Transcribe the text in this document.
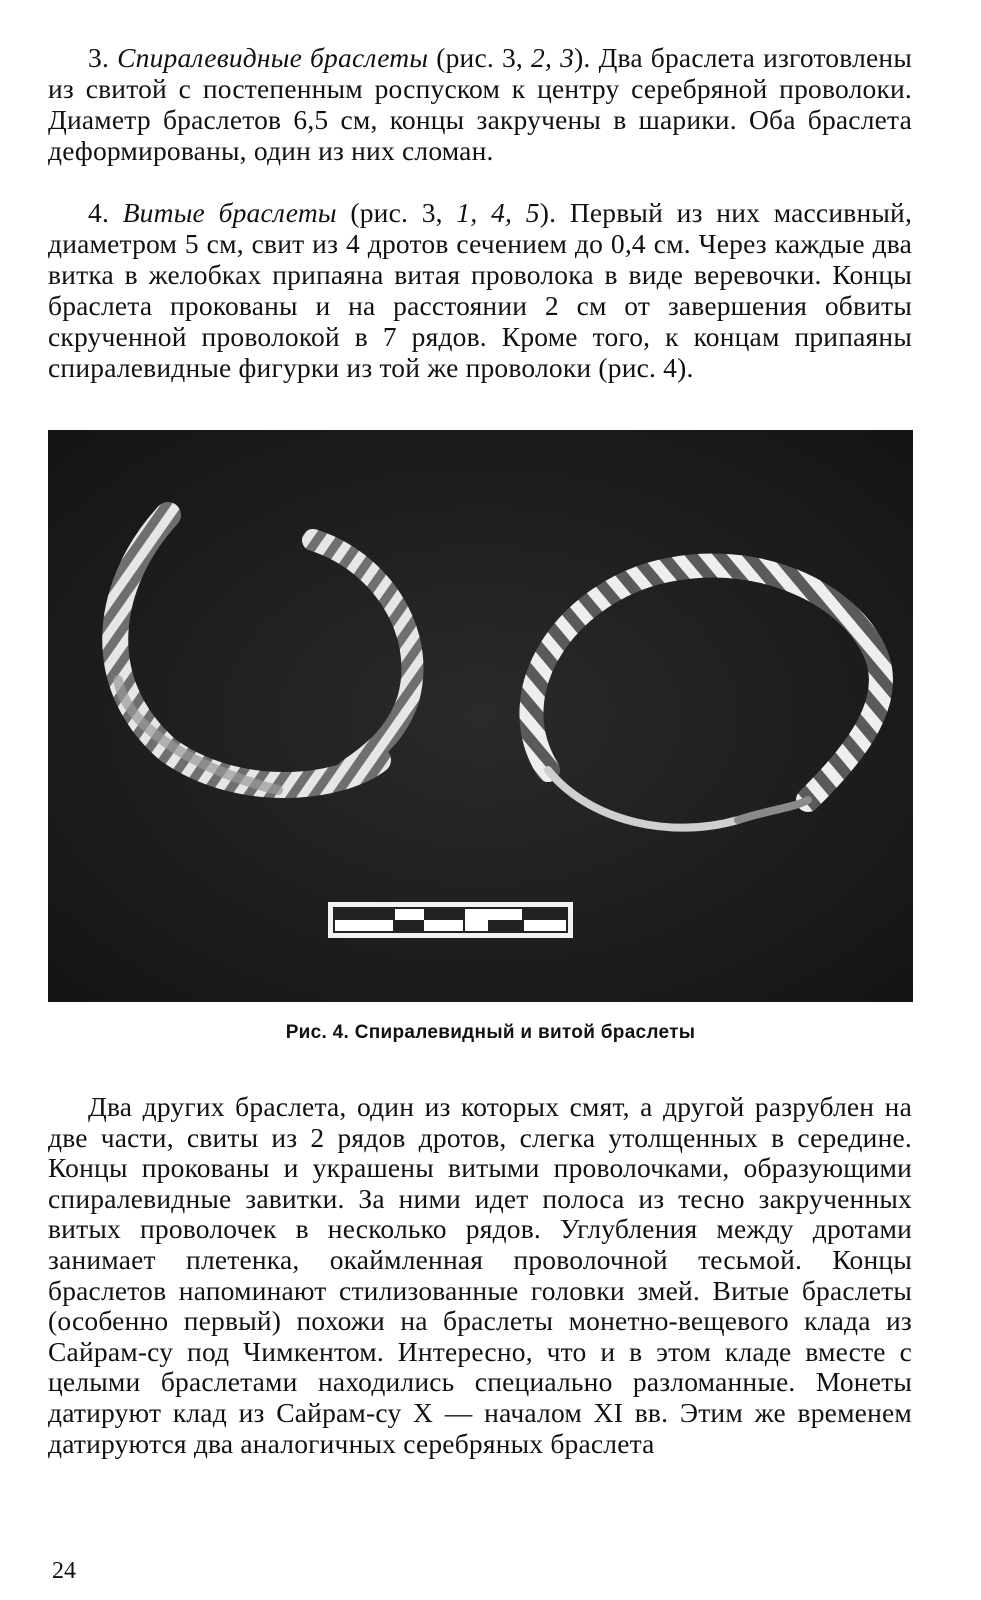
3. Спиралевидные браслеты (рис. 3, 2, 3). Два браслета изготовлены из свитой с постепенным роспуском к центру серебряной проволоки. Диаметр браслетов 6,5 см, концы закручены в шарики. Оба браслета деформированы, один из них сломан.

4. Витые браслеты (рис. 3, 1, 4, 5). Первый из них массивный, диаметром 5 см, свит из 4 дротов сечением до 0,4 см. Через каждые два витка в желобках припаяна витая проволока в виде веревочки. Концы браслета прокованы и на расстоянии 2 см от завершения обвиты скрученной проволокой в 7 рядов. Кроме того, к концам припаяны спиралевидные фигурки из той же проволоки (рис. 4).

Рис. 4. Спиралевидный и витой браслеты

Два других браслета, один из которых смят, а другой разрублен на две части, свиты из 2 рядов дротов, слегка утолщенных в середине. Концы прокованы и украшены витыми проволочками, образующими спиралевидные завитки. За ними идет полоса из тесно закрученных витых проволочек в несколько рядов. Углубления между дротами занимает плетенка, окаймленная проволочной тесьмой. Концы браслетов напоминают стилизованные головки змей. Витые браслеты (особенно первый) похожи на браслеты монетно-вещевого клада из Сайрам-су под Чимкентом. Интересно, что и в этом кладе вместе с целыми браслетами находились специально разломанные. Монеты датируют клад из Сайрам-су X — началом XI вв. Этим же временем датируются два аналогичных серебряных браслета

24
